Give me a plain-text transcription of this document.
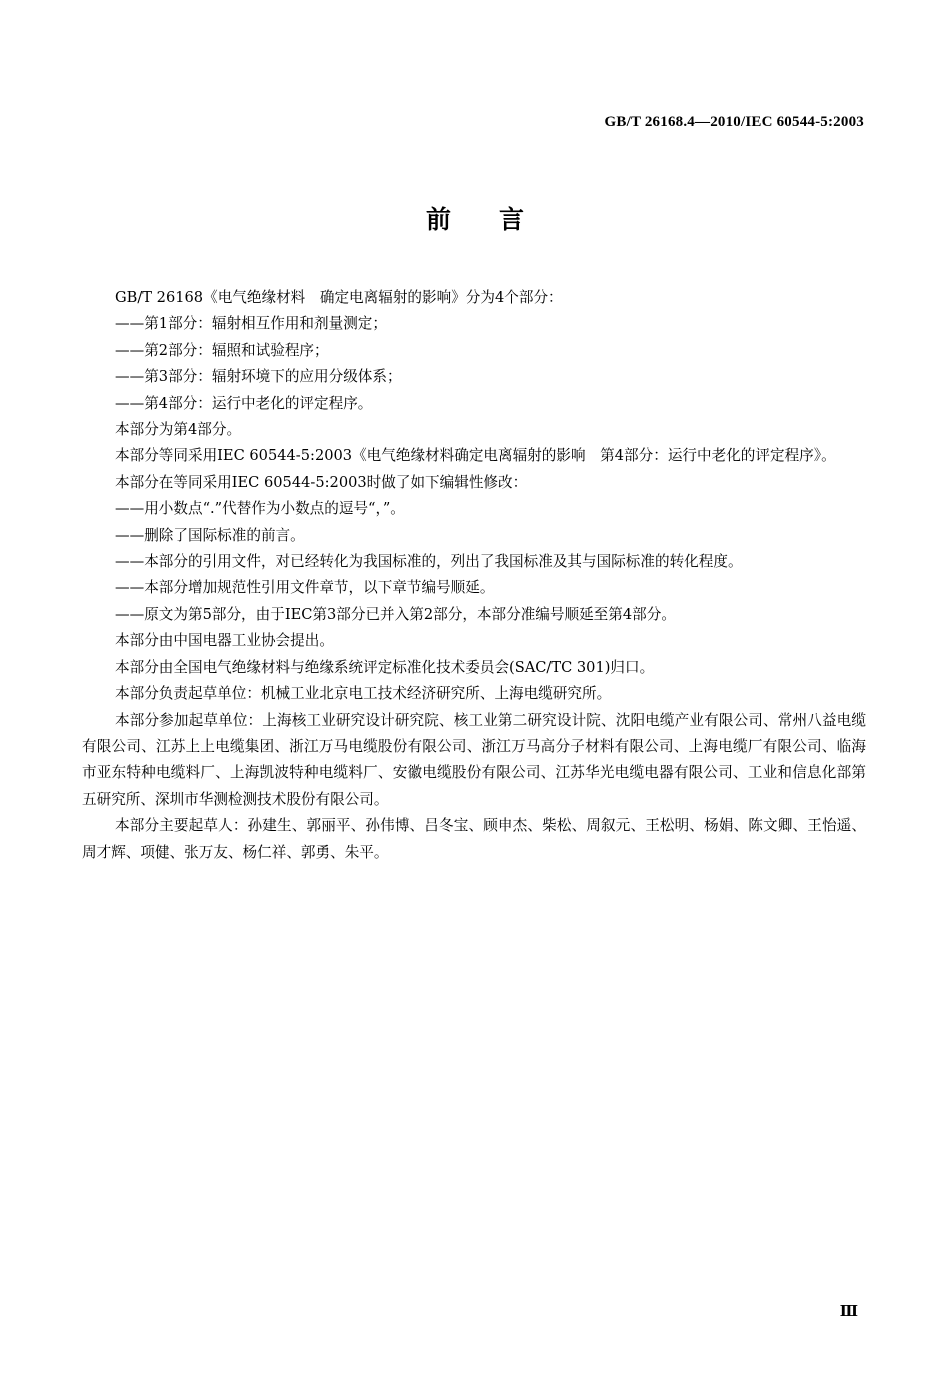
GB/T 26168.4—2010/IEC 60544-5:2003
前言

GB/T 26168《电气绝缘材料　确定电离辐射的影响》分为4个部分：

——第1部分：辐射相互作用和剂量测定；

——第2部分：辐照和试验程序；

——第3部分：辐射环境下的应用分级体系；

——第4部分：运行中老化的评定程序。

本部分为第4部分。

本部分等同采用IEC 60544-5:2003《电气绝缘材料确定电离辐射的影响　第4部分：运行中老化的评定程序》。

本部分在等同采用IEC 60544-5:2003时做了如下编辑性修改：

——用小数点“.”代替作为小数点的逗号“，”。

——删除了国际标准的前言。

——本部分的引用文件，对已经转化为我国标准的，列出了我国标准及其与国际标准的转化程度。

——本部分增加规范性引用文件章节，以下章节编号顺延。

——原文为第5部分，由于IEC第3部分已并入第2部分，本部分准编号顺延至第4部分。

本部分由中国电器工业协会提出。

本部分由全国电气绝缘材料与绝缘系统评定标准化技术委员会(SAC/TC 301)归口。

本部分负责起草单位：机械工业北京电工技术经济研究所、上海电缆研究所。

本部分参加起草单位：上海核工业研究设计研究院、核工业第二研究设计院、沈阳电缆产业有限公司、常州八益电缆有限公司、江苏上上电缆集团、浙江万马电缆股份有限公司、浙江万马高分子材料有限公司、上海电缆厂有限公司、临海市亚东特种电缆料厂、上海凯波特种电缆料厂、安徽电缆股份有限公司、江苏华光电缆电器有限公司、工业和信息化部第五研究所、深圳市华测检测技术股份有限公司。

本部分主要起草人：孙建生、郭丽平、孙伟博、吕冬宝、顾申杰、柴松、周叙元、王松明、杨娟、陈文卿、王怡遥、周才辉、项健、张万友、杨仁祥、郭勇、朱平。

Ⅲ
